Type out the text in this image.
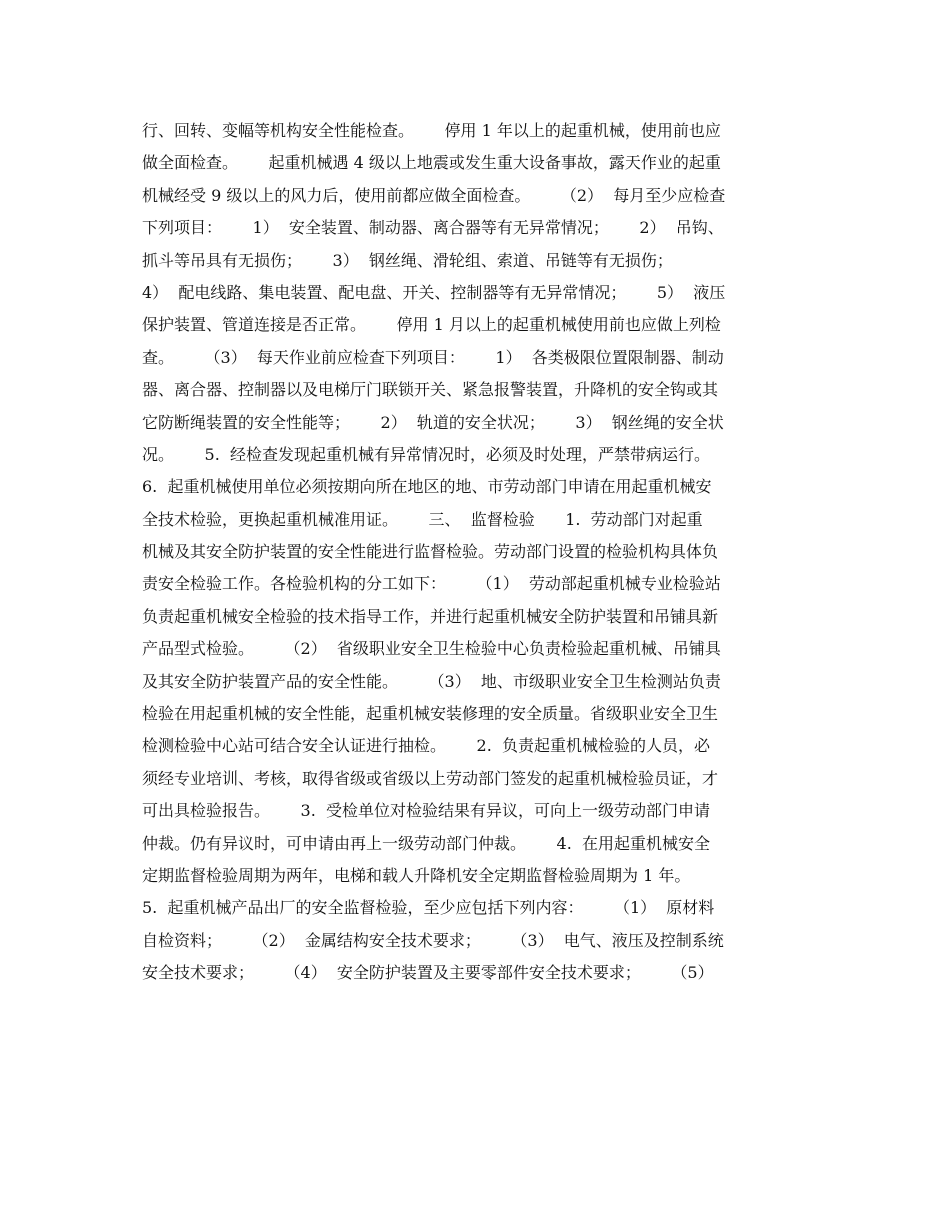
行、回转、变幅等机构安全性能检查。      停用 1 年以上的起重机械，使用前也应
做全面检查。      起重机械遇 4 级以上地震或发生重大设备事故，露天作业的起重
机械经受 9 级以上的风力后，使用前都应做全面检查。      （2）  每月至少应检查
下列项目：      1）  安全装置、制动器、离合器等有无异常情况；      2）  吊钩、
抓斗等吊具有无损伤；      3）  钢丝绳、滑轮组、索道、吊链等有无损伤；
4）  配电线路、集电装置、配电盘、开关、控制器等有无异常情况；      5）  液压
保护装置、管道连接是否正常。      停用 1 月以上的起重机械使用前也应做上列检
查。      （3）  每天作业前应检查下列项目：      1）  各类极限位置限制器、制动
器、离合器、控制器以及电梯厅门联锁开关、紧急报警装置，升降机的安全钩或其
它防断绳装置的安全性能等；      2）  轨道的安全状况；      3）  钢丝绳的安全状
况。      5.  经检查发现起重机械有异常情况时，必须及时处理，严禁带病运行。
6.  起重机械使用单位必须按期向所在地区的地、市劳动部门申请在用起重机械安
全技术检验，更换起重机械准用证。      三、  监督检验      1.  劳动部门对起重
机械及其安全防护装置的安全性能进行监督检验。劳动部门设置的检验机构具体负
责安全检验工作。各检验机构的分工如下：      （1）  劳动部起重机械专业检验站
负责起重机械安全检验的技术指导工作，并进行起重机械安全防护装置和吊铺具新
产品型式检验。      （2）  省级职业安全卫生检验中心负责检验起重机械、吊铺具
及其安全防护装置产品的安全性能。      （3）  地、市级职业安全卫生检测站负责
检验在用起重机械的安全性能，起重机械安装修理的安全质量。省级职业安全卫生
检测检验中心站可结合安全认证进行抽检。      2.  负责起重机械检验的人员，必
须经专业培训、考核，取得省级或省级以上劳动部门签发的起重机械检验员证，才
可出具检验报告。      3.  受检单位对检验结果有异议，可向上一级劳动部门申请
仲裁。仍有异议时，可申请由再上一级劳动部门仲裁。      4.  在用起重机械安全
定期监督检验周期为两年，电梯和载人升降机安全定期监督检验周期为 1 年。
5.  起重机械产品出厂的安全监督检验，至少应包括下列内容：      （1）  原材料
自检资料；      （2）  金属结构安全技术要求；      （3）  电气、液压及控制系统
安全技术要求；      （4）  安全防护装置及主要零部件安全技术要求；      （5）
